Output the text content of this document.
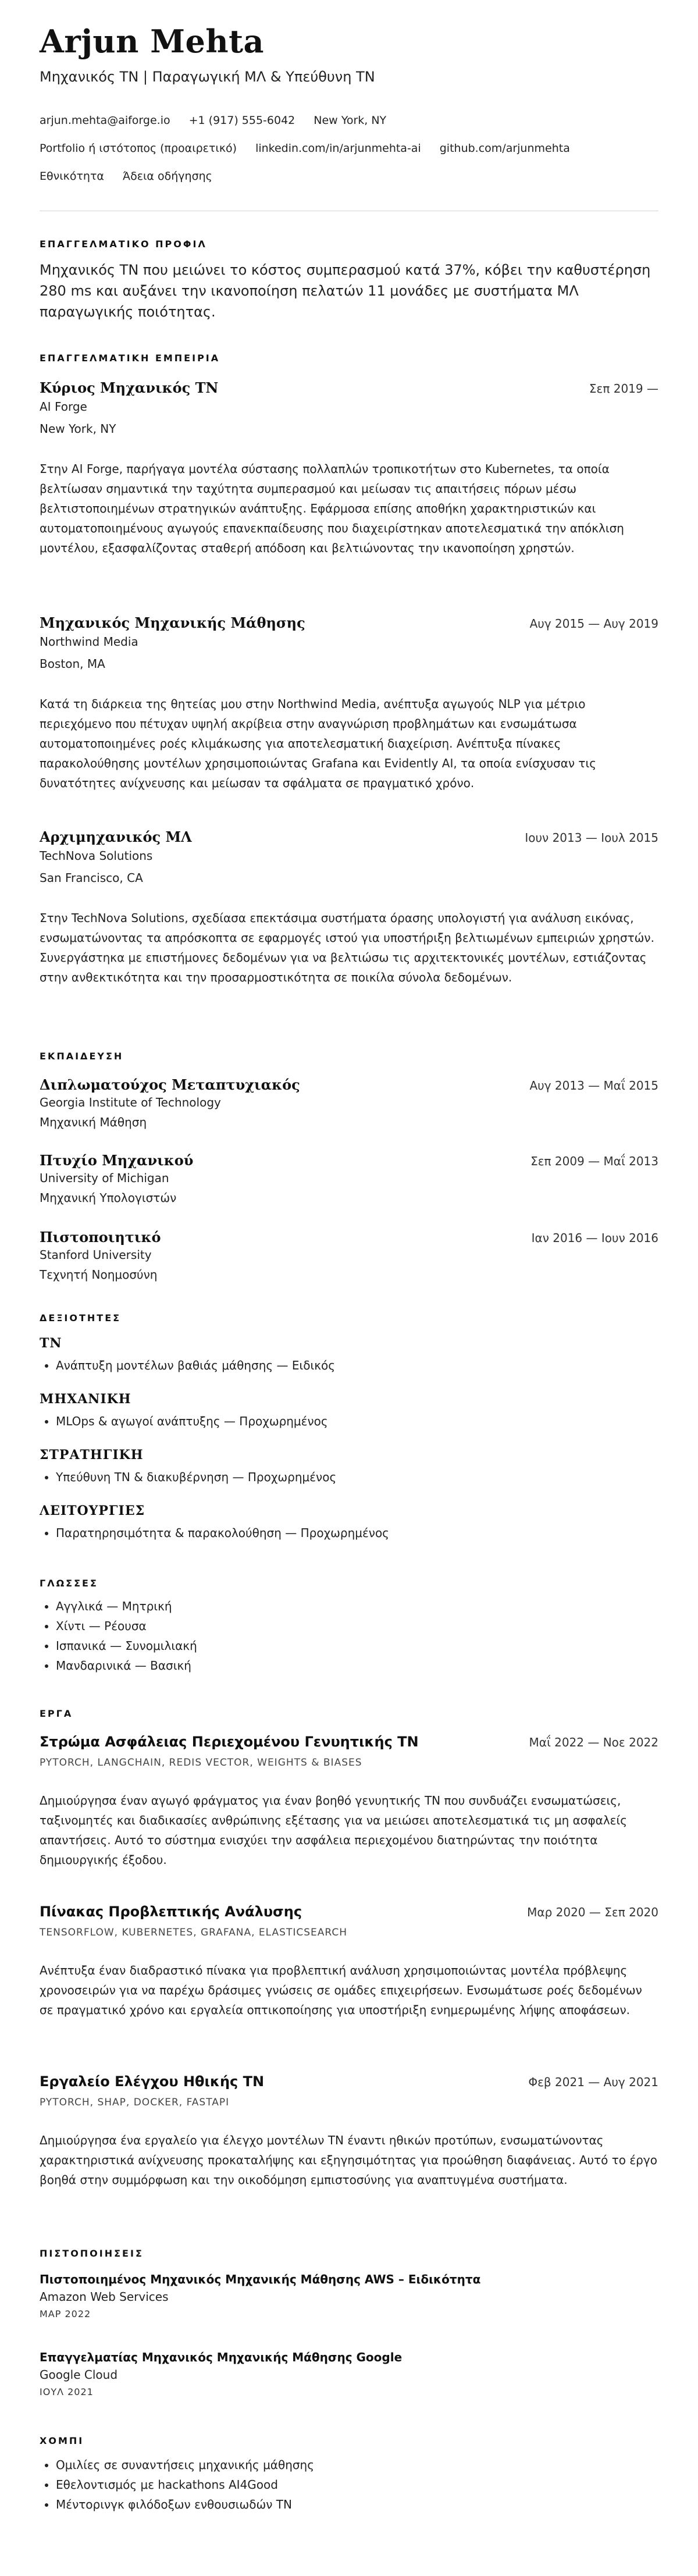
Arjun Mehta
Μηχανικός ΤΝ | Παραγωγική ΜΛ & Υπεύθυνη ΤΝ
arjun.mehta@aiforge.io +1 (917) 555-6042 New York, NY
Portfolio ή ιστότοπος (προαιρετικό) linkedin.com/in/arjunmehta-ai github.com/arjunmehta
Εθνικότητα Άδεια οδήγησης
ΕΠΑΓΓΕΛΜΑΤΙΚΟ ΠΡΟΦΙΛ
Μηχανικός ΤΝ που μειώνει το κόστος συμπερασμού κατά 37%, κόβει την καθυστέρηση 280 ms και αυξάνει την ικανοποίηση πελατών 11 μονάδες με συστήματα ΜΛ παραγωγικής ποιότητας.
ΕΠΑΓΓΕΛΜΑΤΙΚΗ ΕΜΠΕΙΡΙΑ
Κύριος Μηχανικός ΤΝ	Σεπ 2019 —
AI Forge
New York, NY
Στην AI Forge, παρήγαγα μοντέλα σύστασης πολλαπλών τροπικοτήτων στο Kubernetes, τα οποία βελτίωσαν σημαντικά την ταχύτητα συμπερασμού και μείωσαν τις απαιτήσεις πόρων μέσω βελτιστοποιημένων στρατηγικών ανάπτυξης. Εφάρμοσα επίσης αποθήκη χαρακτηριστικών και αυτοματοποιημένους αγωγούς επανεκπαίδευσης που διαχειρίστηκαν αποτελεσματικά την απόκλιση μοντέλου, εξασφαλίζοντας σταθερή απόδοση και βελτιώνοντας την ικανοποίηση χρηστών.
Μηχανικός Μηχανικής Μάθησης	Αυγ 2015 — Αυγ 2019
Northwind Media
Boston, MA
Κατά τη διάρκεια της θητείας μου στην Northwind Media, ανέπτυξα αγωγούς NLP για μέτριο περιεχόμενο που πέτυχαν υψηλή ακρίβεια στην αναγνώριση προβλημάτων και ενσωμάτωσα αυτοματοποιημένες ροές κλιμάκωσης για αποτελεσματική διαχείριση. Ανέπτυξα πίνακες παρακολούθησης μοντέλων χρησιμοποιώντας Grafana και Evidently AI, τα οποία ενίσχυσαν τις δυνατότητες ανίχνευσης και μείωσαν τα σφάλματα σε πραγματικό χρόνο.
Αρχιμηχανικός ΜΛ	Ιουν 2013 — Ιουλ 2015
TechNova Solutions
San Francisco, CA
Στην TechNova Solutions, σχεδίασα επεκτάσιμα συστήματα όρασης υπολογιστή για ανάλυση εικόνας, ενσωματώνοντας τα απρόσκοπτα σε εφαρμογές ιστού για υποστήριξη βελτιωμένων εμπειριών χρηστών. Συνεργάστηκα με επιστήμονες δεδομένων για να βελτιώσω τις αρχιτεκτονικές μοντέλων, εστιάζοντας στην ανθεκτικότητα και την προσαρμοστικότητα σε ποικίλα σύνολα δεδομένων.
ΕΚΠΑΙΔΕΥΣΗ
Διπλωματούχος Μεταπτυχιακός	Αυγ 2013 — Μαΐ 2015
Georgia Institute of Technology
Μηχανική Μάθηση
Πτυχίο Μηχανικού	Σεπ 2009 — Μαΐ 2013
University of Michigan
Μηχανική Υπολογιστών
Πιστοποιητικό	Ιαν 2016 — Ιουν 2016
Stanford University
Τεχνητή Νοημοσύνη
ΔΕΞΙΟΤΗΤΕΣ
ΤΝ
• Ανάπτυξη μοντέλων βαθιάς μάθησης — Ειδικός
ΜΗΧΑΝΙΚΗ
• MLOps & αγωγοί ανάπτυξης — Προχωρημένος
ΣΤΡΑΤΗΓΙΚΗ
• Υπεύθυνη ΤΝ & διακυβέρνηση — Προχωρημένος
ΛΕΙΤΟΥΡΓΙΕΣ
• Παρατηρησιμότητα & παρακολούθηση — Προχωρημένος
ΓΛΩΣΣΕΣ
• Αγγλικά — Μητρική
• Χίντι — Ρέουσα
• Ισπανικά — Συνομιλιακή
• Μανδαρινικά — Βασική
ΕΡΓΑ
Στρώμα Ασφάλειας Περιεχομένου Γενυητικής ΤΝ	Μαΐ 2022 — Νοε 2022
PYTORCH, LANGCHAIN, REDIS VECTOR, WEIGHTS & BIASES
Δημιούργησα έναν αγωγό φράγματος για έναν βοηθό γενυητικής ΤΝ που συνδυάζει ενσωματώσεις, ταξινομητές και διαδικασίες ανθρώπινης εξέτασης για να μειώσει αποτελεσματικά τις μη ασφαλείς απαντήσεις. Αυτό το σύστημα ενισχύει την ασφάλεια περιεχομένου διατηρώντας την ποιότητα δημιουργικής έξοδου.
Πίνακας Προβλεπτικής Ανάλυσης	Μαρ 2020 — Σεπ 2020
TENSORFLOW, KUBERNETES, GRAFANA, ELASTICSEARCH
Ανέπτυξα έναν διαδραστικό πίνακα για προβλεπτική ανάλυση χρησιμοποιώντας μοντέλα πρόβλεψης χρονοσειρών για να παρέχω δράσιμες γνώσεις σε ομάδες επιχειρήσεων. Ενσωμάτωσε ροές δεδομένων σε πραγματικό χρόνο και εργαλεία οπτικοποίησης για υποστήριξη ενημερωμένης λήψης αποφάσεων.
Εργαλείο Ελέγχου Ηθικής ΤΝ	Φεβ 2021 — Αυγ 2021
PYTORCH, SHAP, DOCKER, FASTAPI
Δημιούργησα ένα εργαλείο για έλεγχο μοντέλων ΤΝ έναντι ηθικών προτύπων, ενσωματώνοντας χαρακτηριστικά ανίχνευσης προκαταλήψης και εξηγησιμότητας για προώθηση διαφάνειας. Αυτό το έργο βοηθά στην συμμόρφωση και την οικοδόμηση εμπιστοσύνης για αναπτυγμένα συστήματα.
ΠΙΣΤΟΠΟΙΗΣΕΙΣ
Πιστοποιημένος Μηχανικός Μηχανικής Μάθησης AWS – Ειδικότητα
Amazon Web Services
ΜΑΡ 2022
Επαγγελματίας Μηχανικός Μηχανικής Μάθησης Google
Google Cloud
ΙΟΥΛ 2021
ΧΟΜΠΙ
• Ομιλίες σε συναντήσεις μηχανικής μάθησης
• Εθελοντισμός με hackathons AI4Good
• Μέντορινγκ φιλόδοξων ενθουσιωδών ΤΝ
